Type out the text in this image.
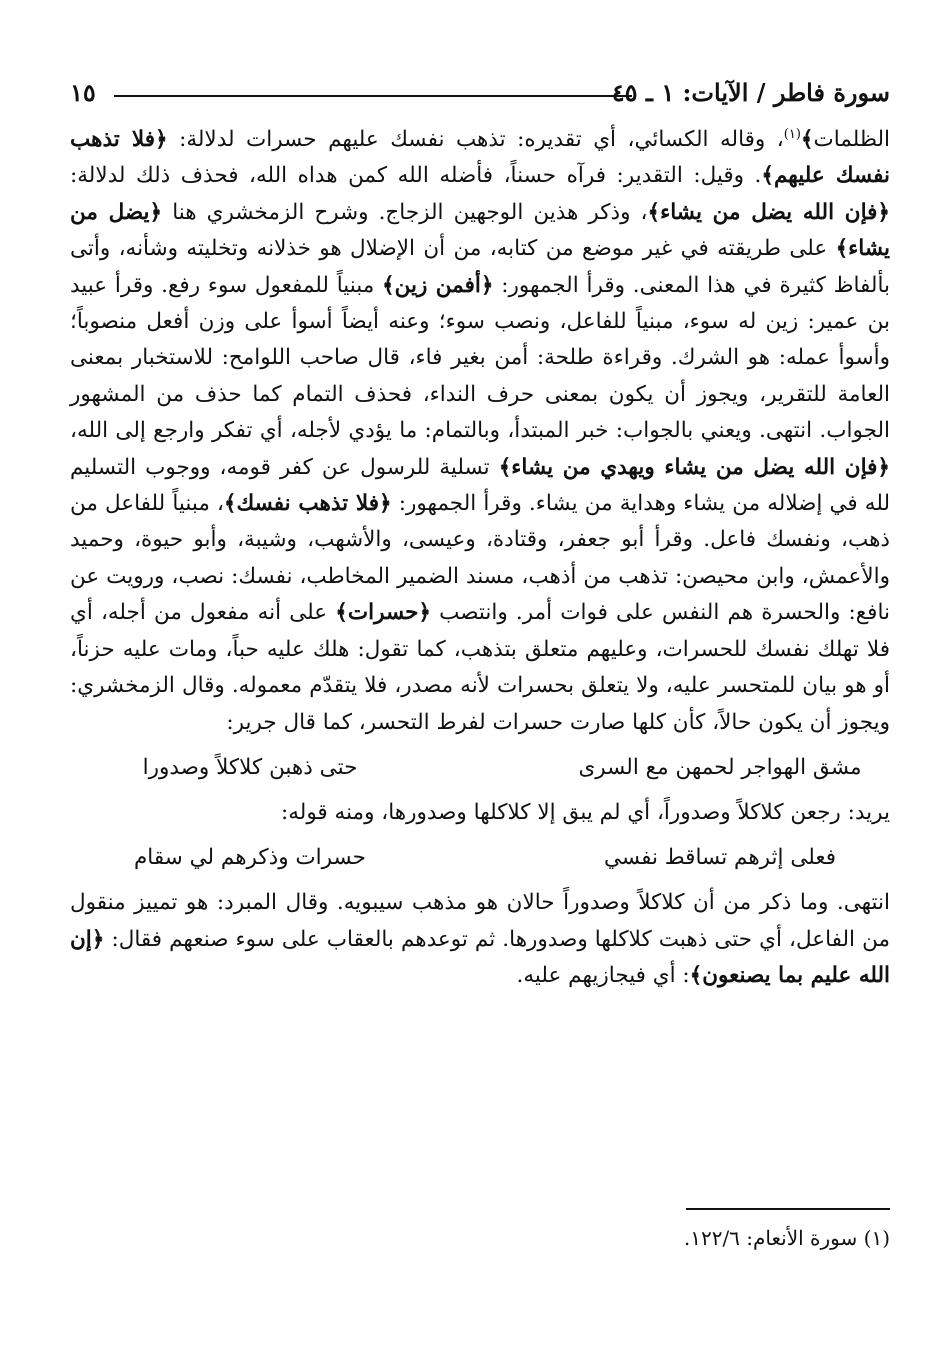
سورة فاطر / الآيات: ١ ـ ٤٥
١٥

الظلمات﴾$^{(١)}$، وقاله الكسائي، أي تقديره: تذهب نفسك عليهم حسرات لدلالة: ﴿فلا تذهب نفسك عليهم﴾. وقيل: التقدير: فرآه حسناً، فأضله الله كمن هداه الله، فحذف ذلك لدلالة: ﴿فإن الله يضل من يشاء﴾، وذكر هذين الوجهين الزجاج. وشرح الزمخشري هنا ﴿يضل من يشاء﴾ على طريقته في غير موضع من كتابه، من أن الإضلال هو خذلانه وتخليته وشأنه، وأتى بألفاظ كثيرة في هذا المعنى. وقرأ الجمهور: ﴿أفمن زين﴾ مبنياً للمفعول سوء رفع. وقرأ عبيد بن عمير: زين له سوء، مبنياً للفاعل، ونصب سوء؛ وعنه أيضاً أسوأ على وزن أفعل منصوباً؛ وأسوأ عمله: هو الشرك. وقراءة طلحة: أمن بغير فاء، قال صاحب اللوامح: للاستخبار بمعنى العامة للتقرير، ويجوز أن يكون بمعنى حرف النداء، فحذف التمام كما حذف من المشهور الجواب. انتهى. ويعني بالجواب: خبر المبتدأ، وبالتمام: ما يؤدي لأجله، أي تفكر وارجع إلى الله، ﴿فإن الله يضل من يشاء ويهدي من يشاء﴾ تسلية للرسول عن كفر قومه، ووجوب التسليم لله في إضلاله من يشاء وهداية من يشاء. وقرأ الجمهور: ﴿فلا تذهب نفسك﴾، مبنياً للفاعل من ذهب، ونفسك فاعل. وقرأ أبو جعفر، وقتادة، وعيسى، والأشهب، وشيبة، وأبو حيوة، وحميد والأعمش، وابن محيصن: تذهب من أذهب، مسند الضمير المخاطب، نفسك: نصب، ورويت عن نافع: والحسرة هم النفس على فوات أمر. وانتصب ﴿حسرات﴾ على أنه مفعول من أجله، أي فلا تهلك نفسك للحسرات، وعليهم متعلق بتذهب، كما تقول: هلك عليه حباً، ومات عليه حزناً، أو هو بيان للمتحسر عليه، ولا يتعلق بحسرات لأنه مصدر، فلا يتقدّم معموله. وقال الزمخشري: ويجوز أن يكون حالاً، كأن كلها صارت حسرات لفرط التحسر، كما قال جرير:

مشق الهواجر لحمهن مع السرى
حتى ذهبن كلاكلاً وصدورا

يريد: رجعن كلاكلاً وصدوراً، أي لم يبق إلا كلاكلها وصدورها، ومنه قوله:

فعلى إثرهم تساقط نفسي
حسرات وذكرهم لي سقام

انتهى. وما ذكر من أن كلاكلاً وصدوراً حالان هو مذهب سيبويه. وقال المبرد: هو تمييز منقول من الفاعل، أي حتى ذهبت كلاكلها وصدورها. ثم توعدهم بالعقاب على سوء صنعهم فقال: ﴿إن الله عليم بما يصنعون﴾: أي فيجازيهم عليه.

(١) سورة الأنعام: ١٢٢/٦.
